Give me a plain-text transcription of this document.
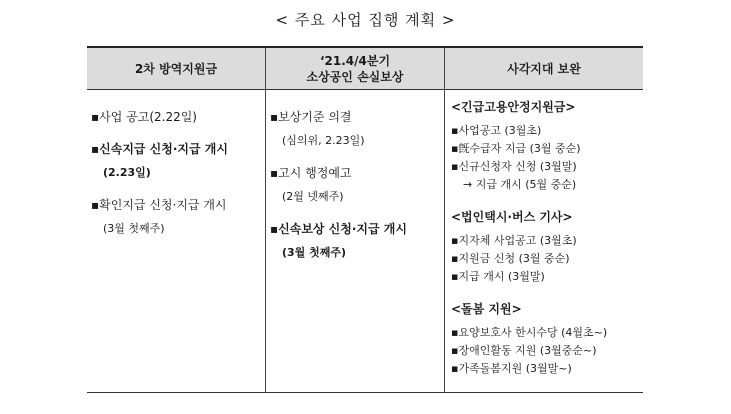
< 주요 사업 집행 계획 >
2차 방역지원금
‘21.4/4분기
소상공인 손실보상
사각지대 보완
▪사업 공고(2.22일)
▪신속지급 신청·지급 개시
(2.23일)
▪확인지급 신청·지급 개시
(3월 첫째주)
▪보상기준 의결
(심의위, 2.23일)
▪고시 행정예고
(2월 넷째주)
▪신속보상 신청·지급 개시
(3월 첫째주)
<긴급고용안정지원금>
▪사업공고 (3월초)
▪旣수급자 지급 (3월 중순)
▪신규신청자 신청 (3월말)
→ 지급 개시 (5월 중순)
<법인택시·버스 기사>
▪지자체 사업공고 (3월초)
▪지원금 신청 (3월 중순)
▪지급 개시 (3월말)
<돌봄 지원>
▪요양보호사 한시수당 (4월초~)
▪장애인활동 지원 (3월중순~)
▪가족돌봄지원 (3월말~)
